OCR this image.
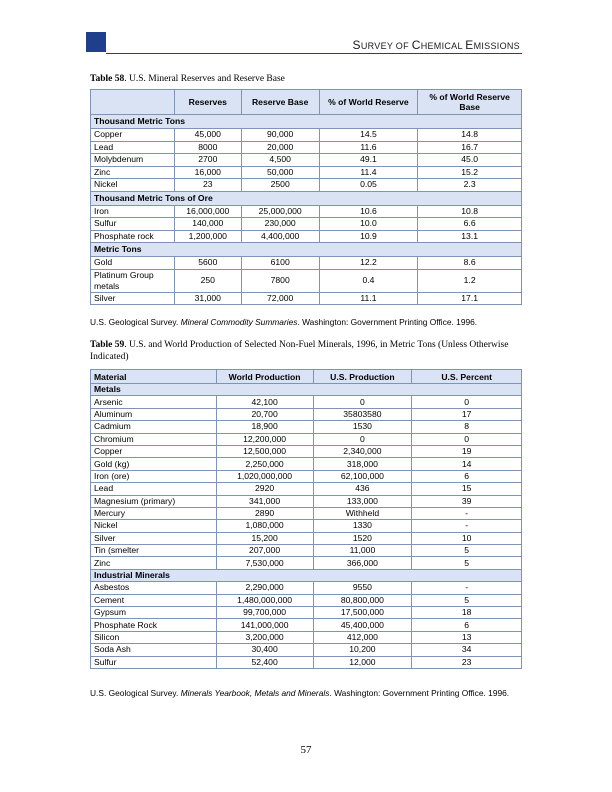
SURVEY OF CHEMICAL EMISSIONS
Table 58. U.S. Mineral Reserves and Reserve Base
	Reserves	Reserve Base	% of World Reserve	% of World Reserve Base
Thousand Metric Tons				
Copper	45,000	90,000	14.5	14.8
Lead	8000	20,000	11.6	16.7
Molybdenum	2700	4,500	49.1	45.0
Zinc	16,000	50,000	11.4	15.2
Nickel	23	2500	0.05	2.3
Thousand Metric Tons of Ore				
Iron	16,000,000	25,000,000	10.6	10.8
Sulfur	140,000	230,000	10.0	6.6
Phosphate rock	1,200,000	4,400,000	10.9	13.1
Metric Tons				
Gold	5600	6100	12.2	8.6
Platinum Group metals	250	7800	0.4	1.2
Silver	31,000	72,000	11.1	17.1
U.S. Geological Survey. Mineral Commodity Summaries. Washington: Government Printing Office. 1996.
Table 59. U.S. and World Production of Selected Non-Fuel Minerals, 1996, in Metric Tons (Unless Otherwise Indicated)
Material	World Production	U.S. Production	U.S. Percent
Metals			
Arsenic	42,100	0	0
Aluminum	20,700	35803580	17
Cadmium	18,900	1530	8
Chromium	12,200,000	0	0
Copper	12,500,000	2,340,000	19
Gold (kg)	2,250,000	318,000	14
Iron (ore)	1,020,000,000	62,100,000	6
Lead	2920	436	15
Magnesium (primary)	341,000	133,000	39
Mercury	2890	Withheld	-
Nickel	1,080,000	1330	-
Silver	15,200	1520	10
Tin (smelter	207,000	11,000	5
Zinc	7,530,000	366,000	5
Industrial Minerals			
Asbestos	2,290,000	9550	-
Cement	1,480,000,000	80,800,000	5
Gypsum	99,700,000	17,500,000	18
Phosphate Rock	141,000,000	45,400,000	6
Silicon	3,200,000	412,000	13
Soda Ash	30,400	10,200	34
Sulfur	52,400	12,000	23
U.S. Geological Survey. Minerals Yearbook, Metals and Minerals. Washington: Government Printing Office. 1996.
57
